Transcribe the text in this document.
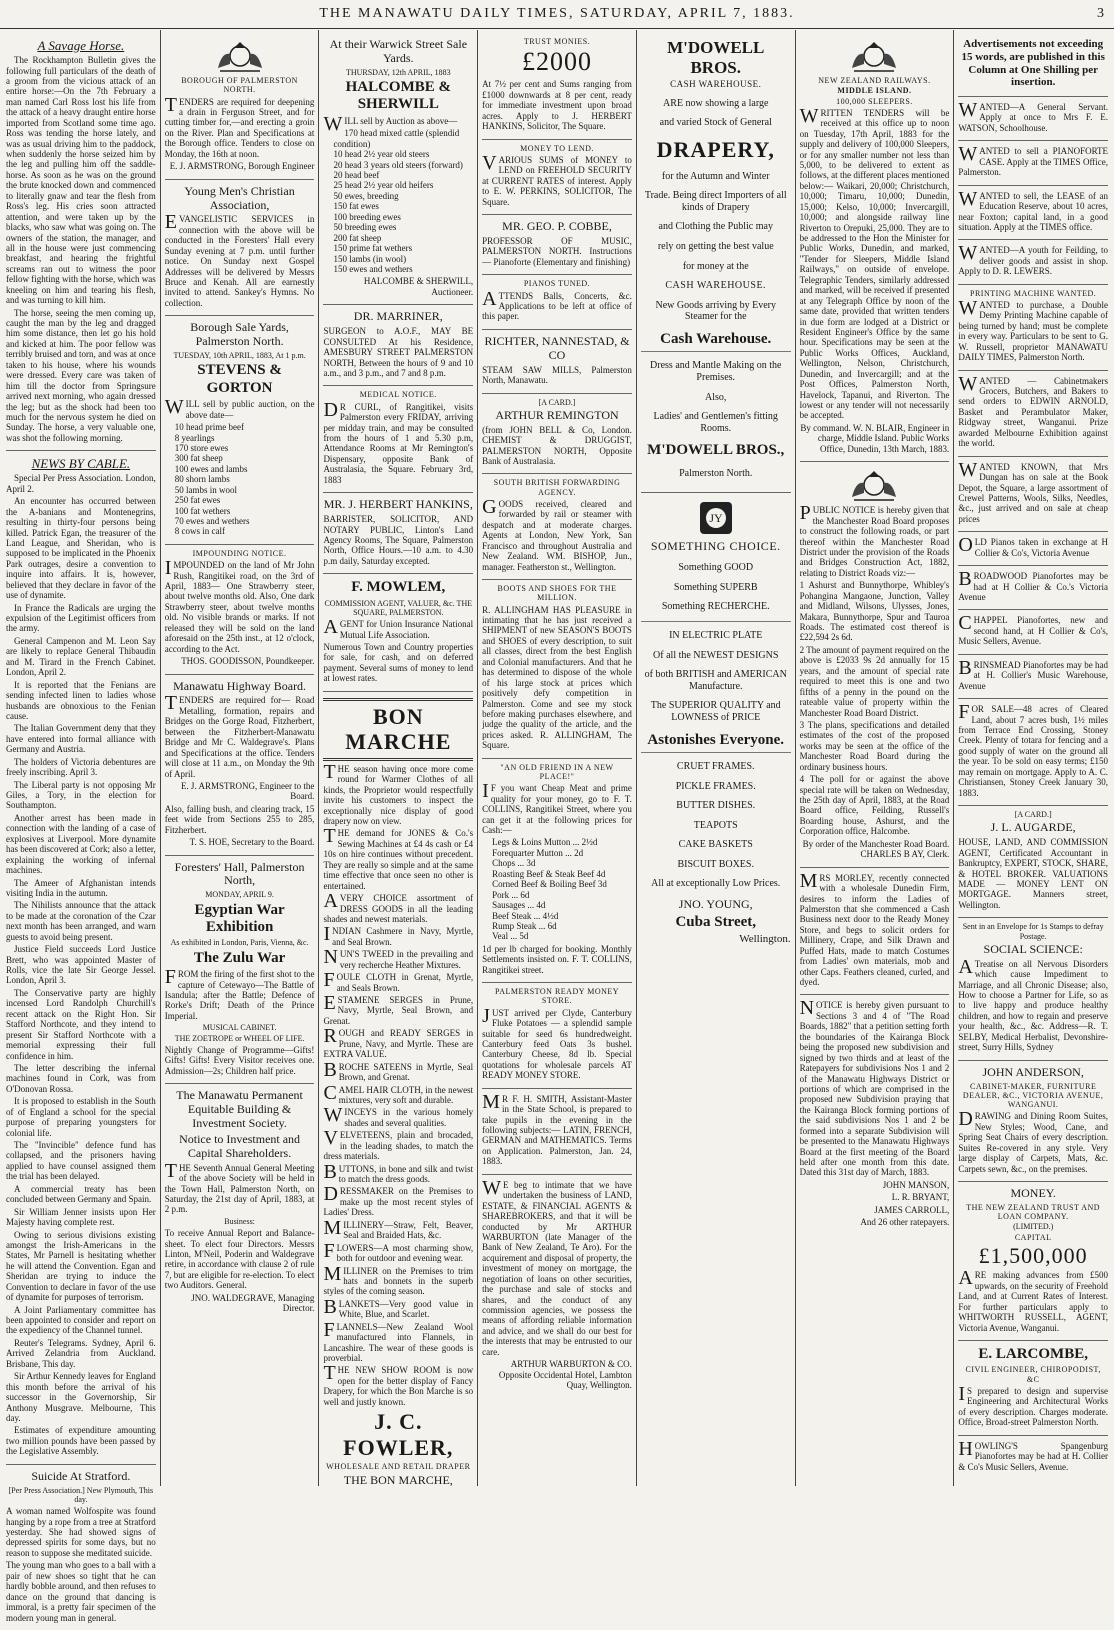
THE MANAWATU DAILY TIMES, SATURDAY, APRIL 7, 1883.	3
A Savage Horse.

The Rockhampton Bulletin gives the following full particulars of the death of a groom from the vicious attack of an entire horse:—On the 7th February a man named Carl Ross lost his life from the attack of a heavy draught entire horse imported from Scotland some time ago. Ross was tending the horse lately, and was as usual driving him to the paddock, when suddenly the horse seized him by the leg and pulling him off the saddle-horse. As soon as he was on the ground the brute knocked down and commenced to literally gnaw and tear the flesh from Ross's leg. His cries soon attracted attention, and were taken up by the blacks, who saw what was going on. The owners of the station, the manager, and all in the house were just commencing breakfast, and hearing the frightful screams ran out to witness the poor fellow fighting with the horse, which was kneeling on him and tearing his flesh, and was turning to kill him.

The horse, seeing the men coming up, caught the man by the leg and dragged him some distance, then let go his hold and kicked at him. The poor fellow was terribly bruised and torn, and was at once taken to his house, where his wounds were dressed. Every care was taken of him till the doctor from Springsure arrived next morning, who again dressed the leg; but as the shock had been too much for the nervous system he died on Sunday. The horse, a very valuable one, was shot the following morning.

NEWS BY CABLE.

Special Per Press Association. London, April 2.

An encounter has occurred between the A-banians and Montenegrins, resulting in thirty-four persons being killed. Patrick Egan, the treasurer of the Land League, and Sheridan, who is supposed to be implicated in the Phoenix Park outrages, desire a convention to inquire into affairs. It is, however, believed that they declare in favor of the use of dynamite.

In France the Radicals are urging the expulsion of the Legitimist officers from the army.

General Campenon and M. Leon Say are likely to replace General Thibaudin and M. Tirard in the French Cabinet. London, April 2.

It is reported that the Fenians are sending infected linen to ladies whose husbands are obnoxious to the Fenian cause.

The Italian Government deny that they have entered into formal alliance with Germany and Austria.

The holders of Victoria debentures are freely inscribing. April 3.

The Liberal party is not opposing Mr Giles, a Tory, in the election for Southampton.

Another arrest has been made in connection with the landing of a case of explosives at Liverpool. More dynamite has been discovered at Cork; also a letter, explaining the working of infernal machines.

The Ameer of Afghanistan intends visiting India in the autumn.

The Nihilists announce that the attack to be made at the coronation of the Czar next month has been arranged, and warn guests to avoid being present.

Justice Field succeeds Lord Justice Brett, who was appointed Master of Rolls, vice the late Sir George Jessel. London, April 3.

The Conservative party are highly incensed Lord Randolph Churchill's recent attack on the Right Hon. Sir Stafford Northcote, and they intend to present Sir Stafford Northcote with a memorial expressing their full confidence in him.

The letter describing the infernal machines found in Cork, was from O'Donovan Rossa.

It is proposed to establish in the South of of England a school for the special purpose of preparing youngsters for colonial life.

The "Invincible" defence fund has collapsed, and the prisoners having applied to have counsel assigned them the trial has been delayed.

A commercial treaty has been concluded between Germany and Spain.

Sir William Jenner insists upon Her Majesty having complete rest.

Owing to serious divisions existing amongst the Irish-Americans in the States, Mr Parnell is hesitating whether he will attend the Convention. Egan and Sheridan are trying to induce the Convention to declare in favor of the use of dynamite for purposes of terrorism.

A Joint Parliamentary committee has been appointed to consider and report on the expediency of the Channel tunnel.

Reuter's Telegrams. Sydney, April 6. Arrived Zelandria from Auckland. Brisbane, This day.

Sir Arthur Kennedy leaves for England this month before the arrival of his successor in the Governorship, Sir Anthony Musgrave. Melbourne, This day.

Estimates of expenditure amounting two million pounds have been passed by the Legislative Assembly.

Suicide At Stratford.
[Per Press Association.] New Plymouth, This day.
A woman named Wolfospite was found hanging by a rope from a tree at Stratford yesterday. She had showed signs of depressed spirits for some days, but no reason to suppose she meditated suicide.
The young man who goes to a ball with a pair of new shoes so tight that he can hardly bobble around, and then refuses to dance on the ground that dancing is immoral, is a pretty fair specimen of the modern young man in general.
BOROUGH OF PALMERSTON NORTH.
TENDERS are required for deepening a drain in Ferguson Street, and for cutting timber for,—and erecting a groin on the River. Plan and Specifications at the Borough office. Tenders to close on Monday, the 16th at noon.
E. J. ARMSTRONG, Borough Engineer
Young Men's Christian Association,
EVANGELISTIC SERVICES in connection with the above will be conducted in the Foresters' Hall every Sunday evening at 7 p.m. until further notice. On Sunday next Gospel Addresses will be delivered by Messrs Bruce and Kenah. All are earnestly invited to attend. Sankey's Hymns. No collection.
Borough Sale Yards, Palmerston North.
TUESDAY, 10th APRIL, 1883, At 1 p.m.
STEVENS & GORTON
WILL sell by public auction, on the above date—
10 head prime beef
8 yearlings
170 store ewes
300 fat sheep
100 ewes and lambs
80 shorn lambs
50 lambs in wool
250 fat ewes
100 fat wethers
70 ewes and wethers
8 cows in calf
IMPOUNDING NOTICE.
IMPOUNDED on the land of Mr John Rush, Rangitikei road, on the 3rd of April, 1883— One Strawberry steer, about twelve months old. Also, One dark Strawberry steer, about twelve months old. No visible brands or marks. If not released they will be sold on the land aforesaid on the 25th inst., at 12 o'clock, according to the Act.
THOS. GOODISSON, Poundkeeper.
Manawatu Highway Board.
TENDERS are required for— Road Metalling, formation, repairs and Bridges on the Gorge Road, Fitzherbert, between the Fitzherbert-Manawatu Bridge and Mr C. Waldegrave's. Plans and Specifications at the office. Tenders will close at 11 a.m., on Monday the 9th of April.
E. J. ARMSTRONG, Engineer to the Board.
Also, falling bush, and clearing track, 15 feet wide from Sections 255 to 285, Fitzherbert.
T. S. HOE, Secretary to the Board.
Foresters' Hall, Palmerston North,
MONDAY, APRIL 9.
Egyptian War Exhibition
As exhibited in London, Paris, Vienna, &c.
The Zulu War
FROM the firing of the first shot to the capture of Cetewayo—The Battle of Isandula; after the Battle; Defence of Rorke's Drift; Death of the Prince Imperial.
MUSICAL CABINET.
THE ZOETROPE or WHEEL OF LIFE.
Nightly Change of Programme—Gifts! Gifts! Gifts! Every Visitor receives one. Admission—2s; Children half price.
The Manawatu Permanent Equitable Building & Investment Society.
Notice to Investment and Capital Shareholders.
THE Seventh Annual General Meeting of the above Society will be held in the Town Hall, Palmerston North, on Saturday, the 21st day of April, 1883, at 2 p.m.
Business:
To receive Annual Report and Balance-sheet. To elect four Directors. Messrs Linton, M'Neil, Poderin and Waldegrave retire, in accordance with clause 2 of rule 7, but are eligible for re-election. To elect two Auditors. General.
JNO. WALDEGRAVE, Managing Director.
At their Warwick Street Sale Yards.
THURSDAY, 12th APRIL, 1883
HALCOMBE & SHERWILL
WILL sell by Auction as above—
170 head mixed cattle (splendid condition)
10 head 2½ year old steers
20 head 3 years old steers (forward)
20 head beef
25 head 2½ year old heifers
50 ewes, breeding
150 fat ewes
100 breeding ewes
50 breeding ewes
200 fat sheep
150 prime fat wethers
150 lambs (in wool)
150 ewes and wethers
HALCOMBE & SHERWILL, Auctioneer.
DR. MARRINER,
SURGEON to A.O.F., MAY BE CONSULTED At his Residence, AMESBURY STREET PALMERSTON NORTH, Between the hours of 9 and 10 a.m., and 3 p.m., and 7 and 8 p.m.
MEDICAL NOTICE.
DR CURL, of Rangitikei, visits Palmerston every FRIDAY, arriving per midday train, and may be consulted from the hours of 1 and 5.30 p.m, Attendance Rooms at Mr Remington's Dispensary, opposite Bank of Australasia, the Square. February 3rd, 1883
MR. J. HERBERT HANKINS,
BARRISTER, SOLICITOR, AND NOTARY PUBLIC, Linton's Land Agency Rooms, The Square, Palmerston North, Office Hours.—10 a.m. to 4.30 p.m daily, Saturday excepted.
F. MOWLEM,
COMMISSION AGENT, VALUER, &c. THE SQUARE, PALMERSTON.
AGENT for Union Insurance National Mutual Life Association.
Numerous Town and Country properties for sale, for cash, and on deferred payment. Several sums of money to lend at lowest rates.
BON MARCHE
THE season having once more come round for Warmer Clothes of all kinds, the Proprietor would respectfully invite his customers to inspect the exceptionally nice display of good drapery now on view.
THE demand for JONES & Co.'s Sewing Machines at £4 4s cash or £4 10s on hire continues without precedent. They are really so simple and at the same time effective that once seen no other is entertained.
AVERY CHOICE assortment of DRESS GOODS in all the leading shades and newest materials.
INDIAN Cashmere in Navy, Myrtle, and Seal Brown.
NUN'S TWEED in the prevailing and very recherche Heather Mixtures.
FOULE CLOTH in Grenat, Myrtle, and Seals Brown.
ESTAMENE SERGES in Prune, Navy, Myrtle, Seal Brown, and Grenat.
ROUGH and READY SERGES in Prune, Navy, and Myrtle. These are EXTRA VALUE.
BROCHE SATEENS in Myrtle, Seal Brown, and Grenat.
CAMEL HAIR CLOTH, in the newest mixtures, very soft and durable.
WINCEYS in the various homely shades and several qualities.
VELVETEENS, plain and brocaded, in the leading shades, to match the dress materials.
BUTTONS, in bone and silk and twist to match the dress goods.
DRESSMAKER on the Premises to make up the most recent styles of Ladies' Dress.
MILLINERY—Straw, Felt, Beaver, Seal and Braided Hats, &c.
FLOWERS—A most charming show, both for outdoor and evening wear.
MILLINER on the Premises to trim hats and bonnets in the superb styles of the coming season.
BLANKETS—Very good value in White, Blue, and Scarlet.
FLANNELS—New Zealand Wool manufactured into Flannels, in Lancashire. The wear of these goods is proverbial.
THE NEW SHOW ROOM is now open for the better display of Fancy Drapery, for which the Bon Marche is so well and justly known.
J. C. FOWLER,
WHOLESALE AND RETAIL DRAPER
THE BON MARCHE,
TRUST MONIES.
£2000
At 7½ per cent and Sums ranging from £1000 downwards at 8 per cent, ready for immediate investment upon broad acres. Apply to J. HERBERT HANKINS, Solicitor, The Square.
MONEY TO LEND.
VARIOUS SUMS of MONEY to LEND on FREEHOLD SECURITY at CURRENT RATES of interest. Apply to E. W. PERKINS, SOLICITOR, The Square.
MR. GEO. P. COBBE,
PROFESSOR OF MUSIC, PALMERSTON NORTH. Instructions — Pianoforte (Elementary and finishing)
PIANOS TUNED.
ATTENDS Balls, Concerts, &c. Applications to be left at office of this paper.
RICHTER, NANNESTAD, & CO
STEAM SAW MILLS, Palmerston North, Manawatu.
[A CARD.]
ARTHUR REMINGTON
(from JOHN BELL & Co, London. CHEMIST & DRUGGIST, PALMERSTON NORTH, Opposite Bank of Australasia.
SOUTH BRITISH FORWARDING AGENCY.
GOODS received, cleared and forwarded by rail or steamer with despatch and at moderate charges. Agents at London, New York, San Francisco and throughout Australia and New Zealand. WM. BISHOP, Jun., manager. Featherston st., Wellington.
BOOTS AND SHOES FOR THE MILLION.
R. ALLINGHAM HAS PLEASURE in intimating that he has just received a SHIPMENT of new SEASON'S BOOTS and SHOES of every description, to suit all classes, direct from the best English and Colonial manufacturers. And that he has determined to dispose of the whole of his large stock at prices which positively defy competition in Palmerston. Come and see my stock before making purchases elsewhere, and judge the quality of the article, and the prices asked. R. ALLINGHAM, The Square.
"AN OLD FRIEND IN A NEW PLACE!"
IF you want Cheap Meat and prime quality for your money, go to F. T. COLLINS, Rangitikei Street, where you can get it at the following prices for Cash:—
Legs & Loins Mutton ... 2½d
Forequarter Mutton ... 2d
Chops ... 3d
Roasting Beef & Steak Beef 4d
Corned Beef & Boiling Beef 3d
Pork ... 6d
Sausages ... 4d
Beef Steak ... 4½d
Rump Steak ... 6d
Veal ... 5d
1d per lb charged for booking. Monthly Settlements insisted on. F. T. COLLINS, Rangitikei street.
PALMERSTON READY MONEY STORE.
JUST arrived per Clyde, Canterbury Fluke Potatoes — a splendid sample suitable for seed 6s hundredweight. Canterbury feed Oats 3s bushel. Canterbury Cheese, 8d lb. Special quotations for wholesale parcels AT READY MONEY STORE.
MR F. H. SMITH, Assistant-Master in the State School, is prepared to take pupils in the evening in the following subjects:— LATIN, FRENCH, GERMAN and MATHEMATICS. Terms on Application. Palmerston, Jan. 24, 1883.
WE beg to intimate that we have undertaken the business of LAND, ESTATE, & FINANCIAL AGENTS & SHAREBROKERS, and that it will be conducted by Mr ARTHUR WARBURTON (late Manager of the Bank of New Zealand, Te Aro). For the acquirement and disposal of property, the investment of money on mortgage, the negotiation of loans on other securities, the purchase and sale of stocks and shares, and the conduct of any commission agencies, we possess the means of affording reliable information and advice, and we shall do our best for the interests that may be entrusted to our care.
ARTHUR WARBURTON & CO. Opposite Occidental Hotel, Lambton Quay, Wellington.
M'DOWELL BROS.
CASH WAREHOUSE.
ARE now showing a large
and varied Stock of General
DRAPERY,
for the Autumn and Winter
Trade. Being direct Importers of all kinds of Drapery
and Clothing the Public may
rely on getting the best value
for money at the
CASH WAREHOUSE.
New Goods arriving by Every Steamer for the
Cash Warehouse.
Dress and Mantle Making on the Premises.
Also,
Ladies' and Gentlemen's fitting Rooms.
M'DOWELL BROS.,
Palmerston North.
JY
SOMETHING CHOICE.
Something GOOD
Something SUPERB
Something RECHERCHE.
IN ELECTRIC PLATE
Of all the NEWEST DESIGNS
of both BRITISH and AMERICAN Manufacture.
The SUPERIOR QUALITY and LOWNESS of PRICE
Astonishes Everyone.
CRUET FRAMES.
PICKLE FRAMES.
BUTTER DISHES.
TEAPOTS
CAKE BASKETS
BISCUIT BOXES.
All at exceptionally Low Prices.
JNO. YOUNG,
Cuba Street,
Wellington.
NEW ZEALAND RAILWAYS.
MIDDLE ISLAND.
100,000 SLEEPERS.
WRITTEN TENDERS will be received at this office up to noon on Tuesday, 17th April, 1883 for the supply and delivery of 100,000 Sleepers, or for any smaller number not less than 5,000, to be delivered to extent as follows, at the different places mentioned below:— Waikari, 20,000; Christchurch, 10,000; Timaru, 10,000; Dunedin, 15,000; Kelso, 10,000; Invercargill, 10,000; and alongside railway line Riverton to Orepuki, 25,000. They are to be addressed to the Hon the Minister for Public Works, Dunedin, and marked, "Tender for Sleepers, Middle Island Railways," on outside of envelope. Telegraphic Tenders, similarly addressed and marked, will be received if presented at any Telegraph Office by noon of the same date, provided that written tenders in due form are lodged at a District or Resident Engineer's Office by the same hour. Specifications may be seen at the Public Works Offices, Auckland, Wellington, Nelson, Christchurch, Dunedin, and Invercargill; and at the Post Offices, Palmerston North, Havelock, Tapanui, and Riverton. The lowest or any tender will not necessarily be accepted.
By command. W. N. BLAIR, Engineer in charge, Middle Island. Public Works Office, Dunedin, 13th March, 1883.
PUBLIC NOTICE is hereby given that the Manchester Road Board proposes to construct the following roads, or part thereof within the Manchester Road District under the provision of the Roads and Bridges Construction Act, 1882, relating to District Roads viz:—
1 Ashurst and Bunnythorpe, Whibley's Pohangina Mangaone, Junction, Valley and Midland, Wilsons, Ulysses, Jones, Makara, Bunnythorpe, Spur and Tauroa Roads. The estimated cost thereof is £22,594 2s 6d.
2 The amount of payment required on the above is £2033 9s 2d annually for 15 years, and the amount of special rate required to meet this is one and two fifths of a penny in the pound on the rateable value of property within the Manchester Road Board District.
3 The plans, specifications and detailed estimates of the cost of the proposed works may be seen at the office of the Manchester Road Board during the ordinary business hours.
4 The poll for or against the above special rate will be taken on Wednesday, the 25th day of April, 1883, at the Road Board office, Feilding, Russell's Boarding house, Ashurst, and the Corporation office, Halcombe.
By order of the Manchester Road Board. CHARLES B AY, Clerk.
MRS MORLEY, recently connected with a wholesale Dunedin Firm, desires to inform the Ladies of Palmerston that she commenced a Cash Business next door to the Ready Money Store, and begs to solicit orders for Millinery, Crape, and Silk Drawn and Puffed Hats, made to match Costumes from Ladies' own materials, mob and other Caps. Feathers cleaned, curled, and dyed.
NOTICE is hereby given pursuant to Sections 3 and 4 of "The Road Boards, 1882" that a petition setting forth the boundaries of the Kairanga Block being the proposed new subdivision and signed by two thirds and at least of the Ratepayers for subdivisions Nos 1 and 2 of the Manawatu Highways District or portions of which are comprised in the proposed new Subdivision praying that the Kairanga Block forming portions of the said subdivisions Nos 1 and 2 be formed into a separate Subdivision will be presented to the Manawatu Highways Board at the first meeting of the Board held after one month from this date. Dated this 31st day of March, 1883.
JOHN MANSON,
L. R. BRYANT,
JAMES CARROLL,
And 26 other ratepayers.
Advertisements not exceeding 15 words, are published in this Column at One Shilling per insertion.
WANTED—A General Servant. Apply at once to Mrs F. E. WATSON, Schoolhouse.
WANTED to sell a PIANOFORTE CASE. Apply at the TIMES Office, Palmerston.
WANTED to sell, the LEASE of an Education Reserve, about 10 acres, near Foxton; capital land, in a good situation. Apply at the TIMES office.
WANTED—A youth for Feilding, to deliver goods and assist in shop. Apply to D. R. LEWERS.
PRINTING MACHINE WANTED.
WANTED to purchase, a Double Demy Printing Machine capable of being turned by hand; must be complete in every way. Particulars to be sent to G. W. Russell, proprietor MANAWATU DAILY TIMES, Palmerston North.
WANTED — Cabinetmakers Grocers, Butchers, and Bakers to send orders to EDWIN ARNOLD, Basket and Perambulator Maker, Ridgway street, Wanganui. Prize awarded Melbourne Exhibition against the world.
WANTED KNOWN, that Mrs Dungan has on sale at the Book Depot, the Square, a large assortment of Crewel Patterns, Wools, Silks, Needles, &c., just arrived and on sale at cheap prices
OLD Pianos taken in exchange at H Collier & Co's, Victoria Avenue
BROADWOOD Pianofortes may be had at H Collier & Co.'s Victoria Avenue
CHAPPEL Pianofortes, new and second hand, at H Collier & Co's, Music Sellers, Avenue.
BRINSMEAD Pianofortes may be had at H. Collier's Music Warehouse, Avenue
FOR SALE—48 acres of Cleared Land, about 7 acres bush, 1½ miles from Terrace End Crossing, Stoney Creek. Plenty of totara for fencing and a good supply of water on the ground all the year. To be sold on easy terms; £150 may remain on mortgage. Apply to A. C. Christiansen, Stoney Creek January 30, 1883.
[A CARD.]
J. L. AUGARDE,
HOUSE, LAND, AND COMMISSION AGENT, Certificated Accountant in Bankruptcy, EXPERT, STOCK, SHARE, & HOTEL BROKER. VALUATIONS MADE — MONEY LENT ON MORTGAGE. Manners street, Wellington.
Sent in an Envelope for 1s Stamps to defray Postage.
SOCIAL SCIENCE:
ATreatise on all Nervous Disorders which cause Impediment to Marriage, and all Chronic Disease; also, How to choose a Partner for Life, so as to live happy and produce healthy children, and how to regain and preserve your health, &c., &c. Address—R. T. SELBY, Medical Herbalist, Devonshire-street, Surry Hills, Sydney
JOHN ANDERSON,
CABINET-MAKER, FURNITURE DEALER, &C., VICTORIA AVENUE, WANGANUI.
DRAWING and Dining Room Suites, New Styles; Wood, Cane, and Spring Seat Chairs of every description. Suites Re-covered in any style. Very large display of Carpets, Mats, &c. Carpets sewn, &c., on the premises.
MONEY.
THE NEW ZEALAND TRUST AND LOAN COMPANY.
(LIMITED.)
CAPITAL
£1,500,000
ARE making advances from £500 upwards, on the security of Freehold Land, and at Current Rates of Interest. For further particulars apply to WHITWORTH RUSSELL, AGENT, Victoria Avenue, Wanganui.
E. LARCOMBE,
CIVIL ENGINEER, CHIROPODIST, &C
IS prepared to design and supervise Engineering and Architectural Works of every description. Charges moderate. Office, Broad-street Palmerston North.
HOWLING'S Spangenburg Pianofortes may be had at H. Collier & Co's Music Sellers, Avenue.
